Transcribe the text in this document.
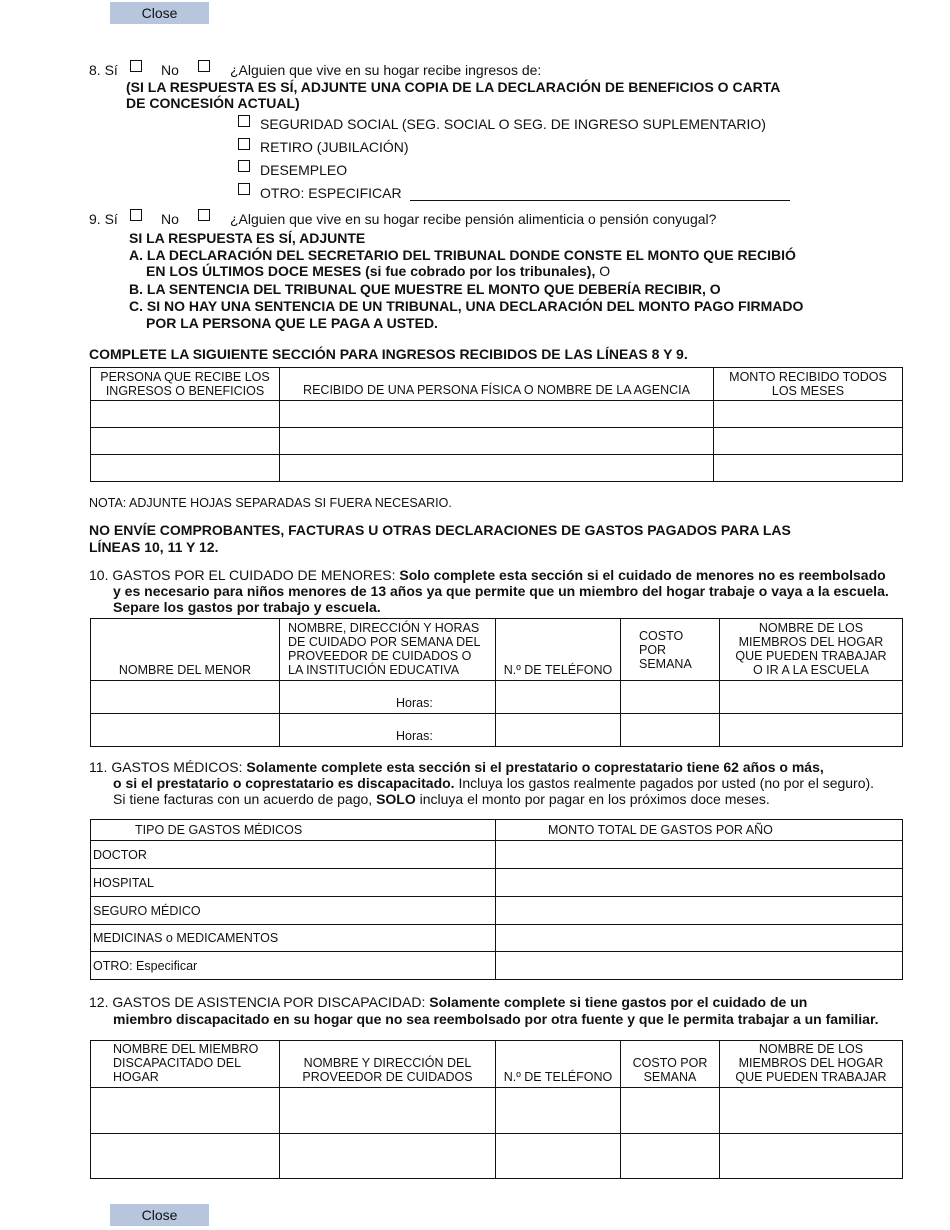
Close
8. Sí	No	¿Alguien que vive en su hogar recibe ingresos de:
(SI LA RESPUESTA ES SÍ, ADJUNTE UNA COPIA DE LA DECLARACIÓN DE BENEFICIOS O CARTA
DE CONCESIÓN ACTUAL)
SEGURIDAD SOCIAL (SEG. SOCIAL O SEG. DE INGRESO SUPLEMENTARIO)
RETIRO (JUBILACIÓN)
DESEMPLEO
OTRO: ESPECIFICAR
9. Sí	No	¿Alguien que vive en su hogar recibe pensión alimenticia o pensión conyugal?
SI LA RESPUESTA ES SÍ, ADJUNTE
A. LA DECLARACIÓN DEL SECRETARIO DEL TRIBUNAL DONDE CONSTE EL MONTO QUE RECIBIÓ
EN LOS ÚLTIMOS DOCE MESES (si fue cobrado por los tribunales), O
B. LA SENTENCIA DEL TRIBUNAL QUE MUESTRE EL MONTO QUE DEBERÍA RECIBIR, O
C. SI NO HAY UNA SENTENCIA DE UN TRIBUNAL, UNA DECLARACIÓN DEL MONTO PAGO FIRMADO
POR LA PERSONA QUE LE PAGA A USTED.
COMPLETE LA SIGUIENTE SECCIÓN PARA INGRESOS RECIBIDOS DE LAS LÍNEAS 8 Y 9.
PERSONA QUE RECIBE LOS
INGRESOS O BENEFICIOS	RECIBIDO DE UNA PERSONA FÍSICA O NOMBRE DE LA AGENCIA	MONTO RECIBIDO TODOS
LOS MESES

NOTA: ADJUNTE HOJAS SEPARADAS SI FUERA NECESARIO.
NO ENVÍE COMPROBANTES, FACTURAS U OTRAS DECLARACIONES DE GASTOS PAGADOS PARA LAS
LÍNEAS 10, 11 Y 12.
10. GASTOS POR EL CUIDADO DE MENORES: Solo complete esta sección si el cuidado de menores no es reembolsado
y es necesario para niños menores de 13 años ya que permite que un miembro del hogar trabaje o vaya a la escuela.
Separe los gastos por trabajo y escuela.
NOMBRE DEL MENOR	NOMBRE, DIRECCIÓN Y HORAS
DE CUIDADO POR SEMANA DEL
PROVEEDOR DE CUIDADOS O
LA INSTITUCIÓN EDUCATIVA	N.º DE TELÉFONO	COSTO
POR
SEMANA	NOMBRE DE LOS
MIEMBROS DEL HOGAR
QUE PUEDEN TRABAJAR
O IR A LA ESCUELA
	Horas:			
	Horas:			
11. GASTOS MÉDICOS: Solamente complete esta sección si el prestatario o coprestatario tiene 62 años o más,
o si el prestatario o coprestatario es discapacitado. Incluya los gastos realmente pagados por usted (no por el seguro).
Si tiene facturas con un acuerdo de pago, SOLO incluya el monto por pagar en los próximos doce meses.
TIPO DE GASTOS MÉDICOS	MONTO TOTAL DE GASTOS POR AÑO
DOCTOR	
HOSPITAL	
SEGURO MÉDICO	
MEDICINAS o MEDICAMENTOS	
OTRO: Especificar	
12. GASTOS DE ASISTENCIA POR DISCAPACIDAD: Solamente complete si tiene gastos por el cuidado de un
miembro discapacitado en su hogar que no sea reembolsado por otra fuente y que le permita trabajar a un familiar.
NOMBRE DEL MIEMBRO
DISCAPACITADO DEL
HOGAR	NOMBRE Y DIRECCIÓN DEL
PROVEEDOR DE CUIDADOS	N.º DE TELÉFONO	COSTO POR
SEMANA	NOMBRE DE LOS
MIEMBROS DEL HOGAR
QUE PUEDEN TRABAJAR

Close
